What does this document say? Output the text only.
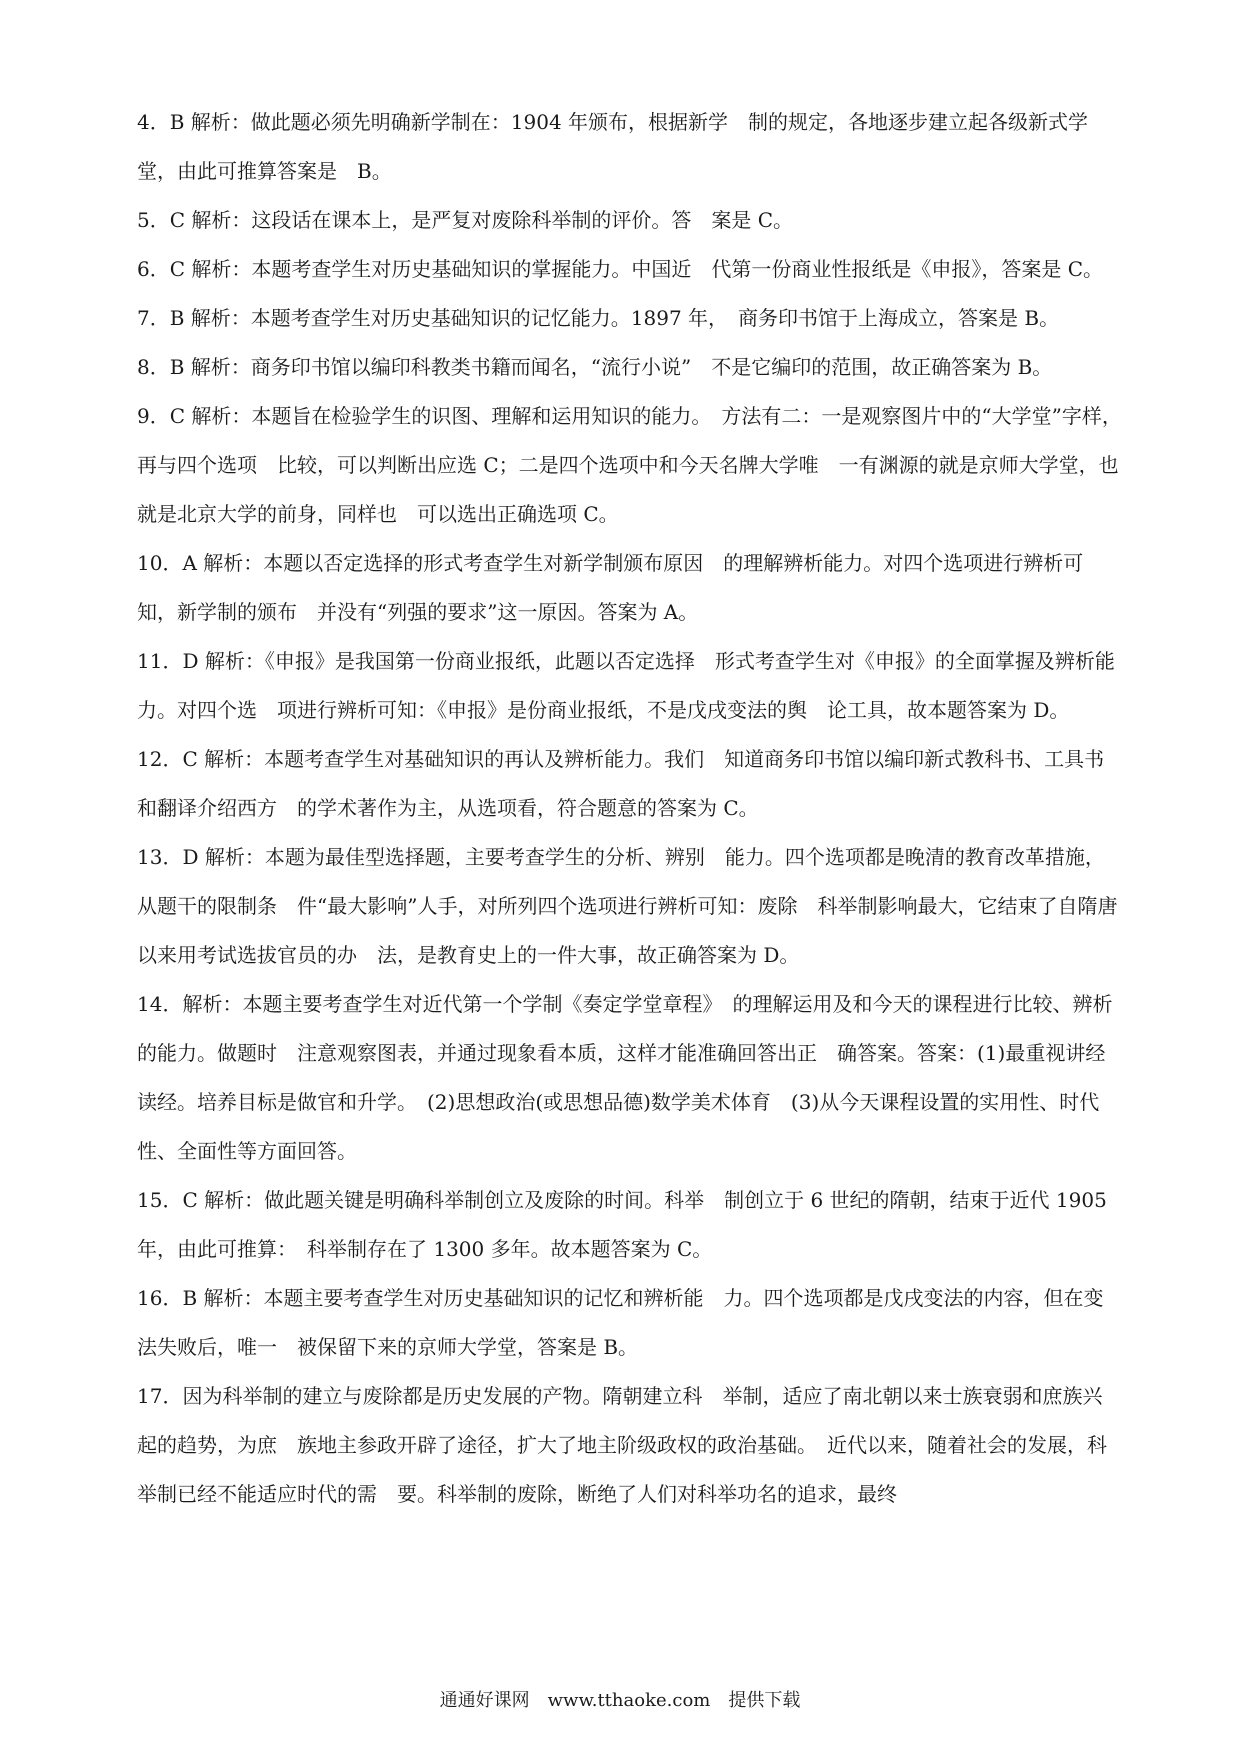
4．B 解析：做此题必须先明确新学制在：1904 年颁布，根据新学　制的规定，各地逐步建立起各级新式学堂，由此可推算答案是　B。

5．C 解析：这段话在课本上，是严复对废除科举制的评价。答　案是 C。

6．C 解析：本题考查学生对历史基础知识的掌握能力。中国近　代第一份商业性报纸是《申报》，答案是 C。

7．B 解析：本题考查学生对历史基础知识的记忆能力。1897 年，　商务印书馆于上海成立，答案是 B。

8．B 解析：商务印书馆以编印科教类书籍而闻名，“流行小说”　不是它编印的范围，故正确答案为 B。

9．C 解析：本题旨在检验学生的识图、理解和运用知识的能力。　方法有二：一是观察图片中的“大学堂”字样，再与四个选项　比较，可以判断出应选 C；二是四个选项中和今天名牌大学唯　一有渊源的就是京师大学堂，也就是北京大学的前身，同样也　可以选出正确选项 C。

10．A 解析：本题以否定选择的形式考查学生对新学制颁布原因　的理解辨析能力。对四个选项进行辨析可知，新学制的颁布　并没有“列强的要求”这一原因。答案为 A。

11．D 解析：《申报》是我国第一份商业报纸，此题以否定选择　形式考查学生对《申报》的全面掌握及辨析能力。对四个选　项进行辨析可知：《申报》是份商业报纸，不是戊戌变法的舆　论工具，故本题答案为 D。

12．C 解析：本题考查学生对基础知识的再认及辨析能力。我们　知道商务印书馆以编印新式教科书、工具书和翻译介绍西方　的学术著作为主，从选项看，符合题意的答案为 C。

13．D 解析：本题为最佳型选择题，主要考查学生的分析、辨别　能力。四个选项都是晚清的教育改革措施，从题干的限制条　件“最大影响”人手，对所列四个选项进行辨析可知：废除　科举制影响最大，它结束了自隋唐以来用考试选拔官员的办　法，是教育史上的一件大事，故正确答案为 D。

14．解析：本题主要考查学生对近代第一个学制《奏定学堂章程》　的理解运用及和今天的课程进行比较、辨析的能力。做题时　注意观察图表，并通过现象看本质，这样才能准确回答出正　确答案。答案：(1)最重视讲经读经。培养目标是做官和升学。　(2)思想政治(或思想品德)数学美术体育　(3)从今天课程设置的实用性、时代性、全面性等方面回答。

15．C 解析：做此题关键是明确科举制创立及废除的时间。科举　制创立于 6 世纪的隋朝，结束于近代 1905 年，由此可推算：　科举制存在了 1300 多年。故本题答案为 C。

16．B 解析：本题主要考查学生对历史基础知识的记忆和辨析能　力。四个选项都是戊戌变法的内容，但在变法失败后，唯一　被保留下来的京师大学堂，答案是 B。

17．因为科举制的建立与废除都是历史发展的产物。隋朝建立科　举制，适应了南北朝以来士族衰弱和庶族兴起的趋势，为庶　族地主参政开辟了途径，扩大了地主阶级政权的政治基础。　近代以来，随着社会的发展，科举制已经不能适应时代的需　要。科举制的废除，断绝了人们对科举功名的追求，最终

通通好课网　www.tthaoke.com　提供下载
